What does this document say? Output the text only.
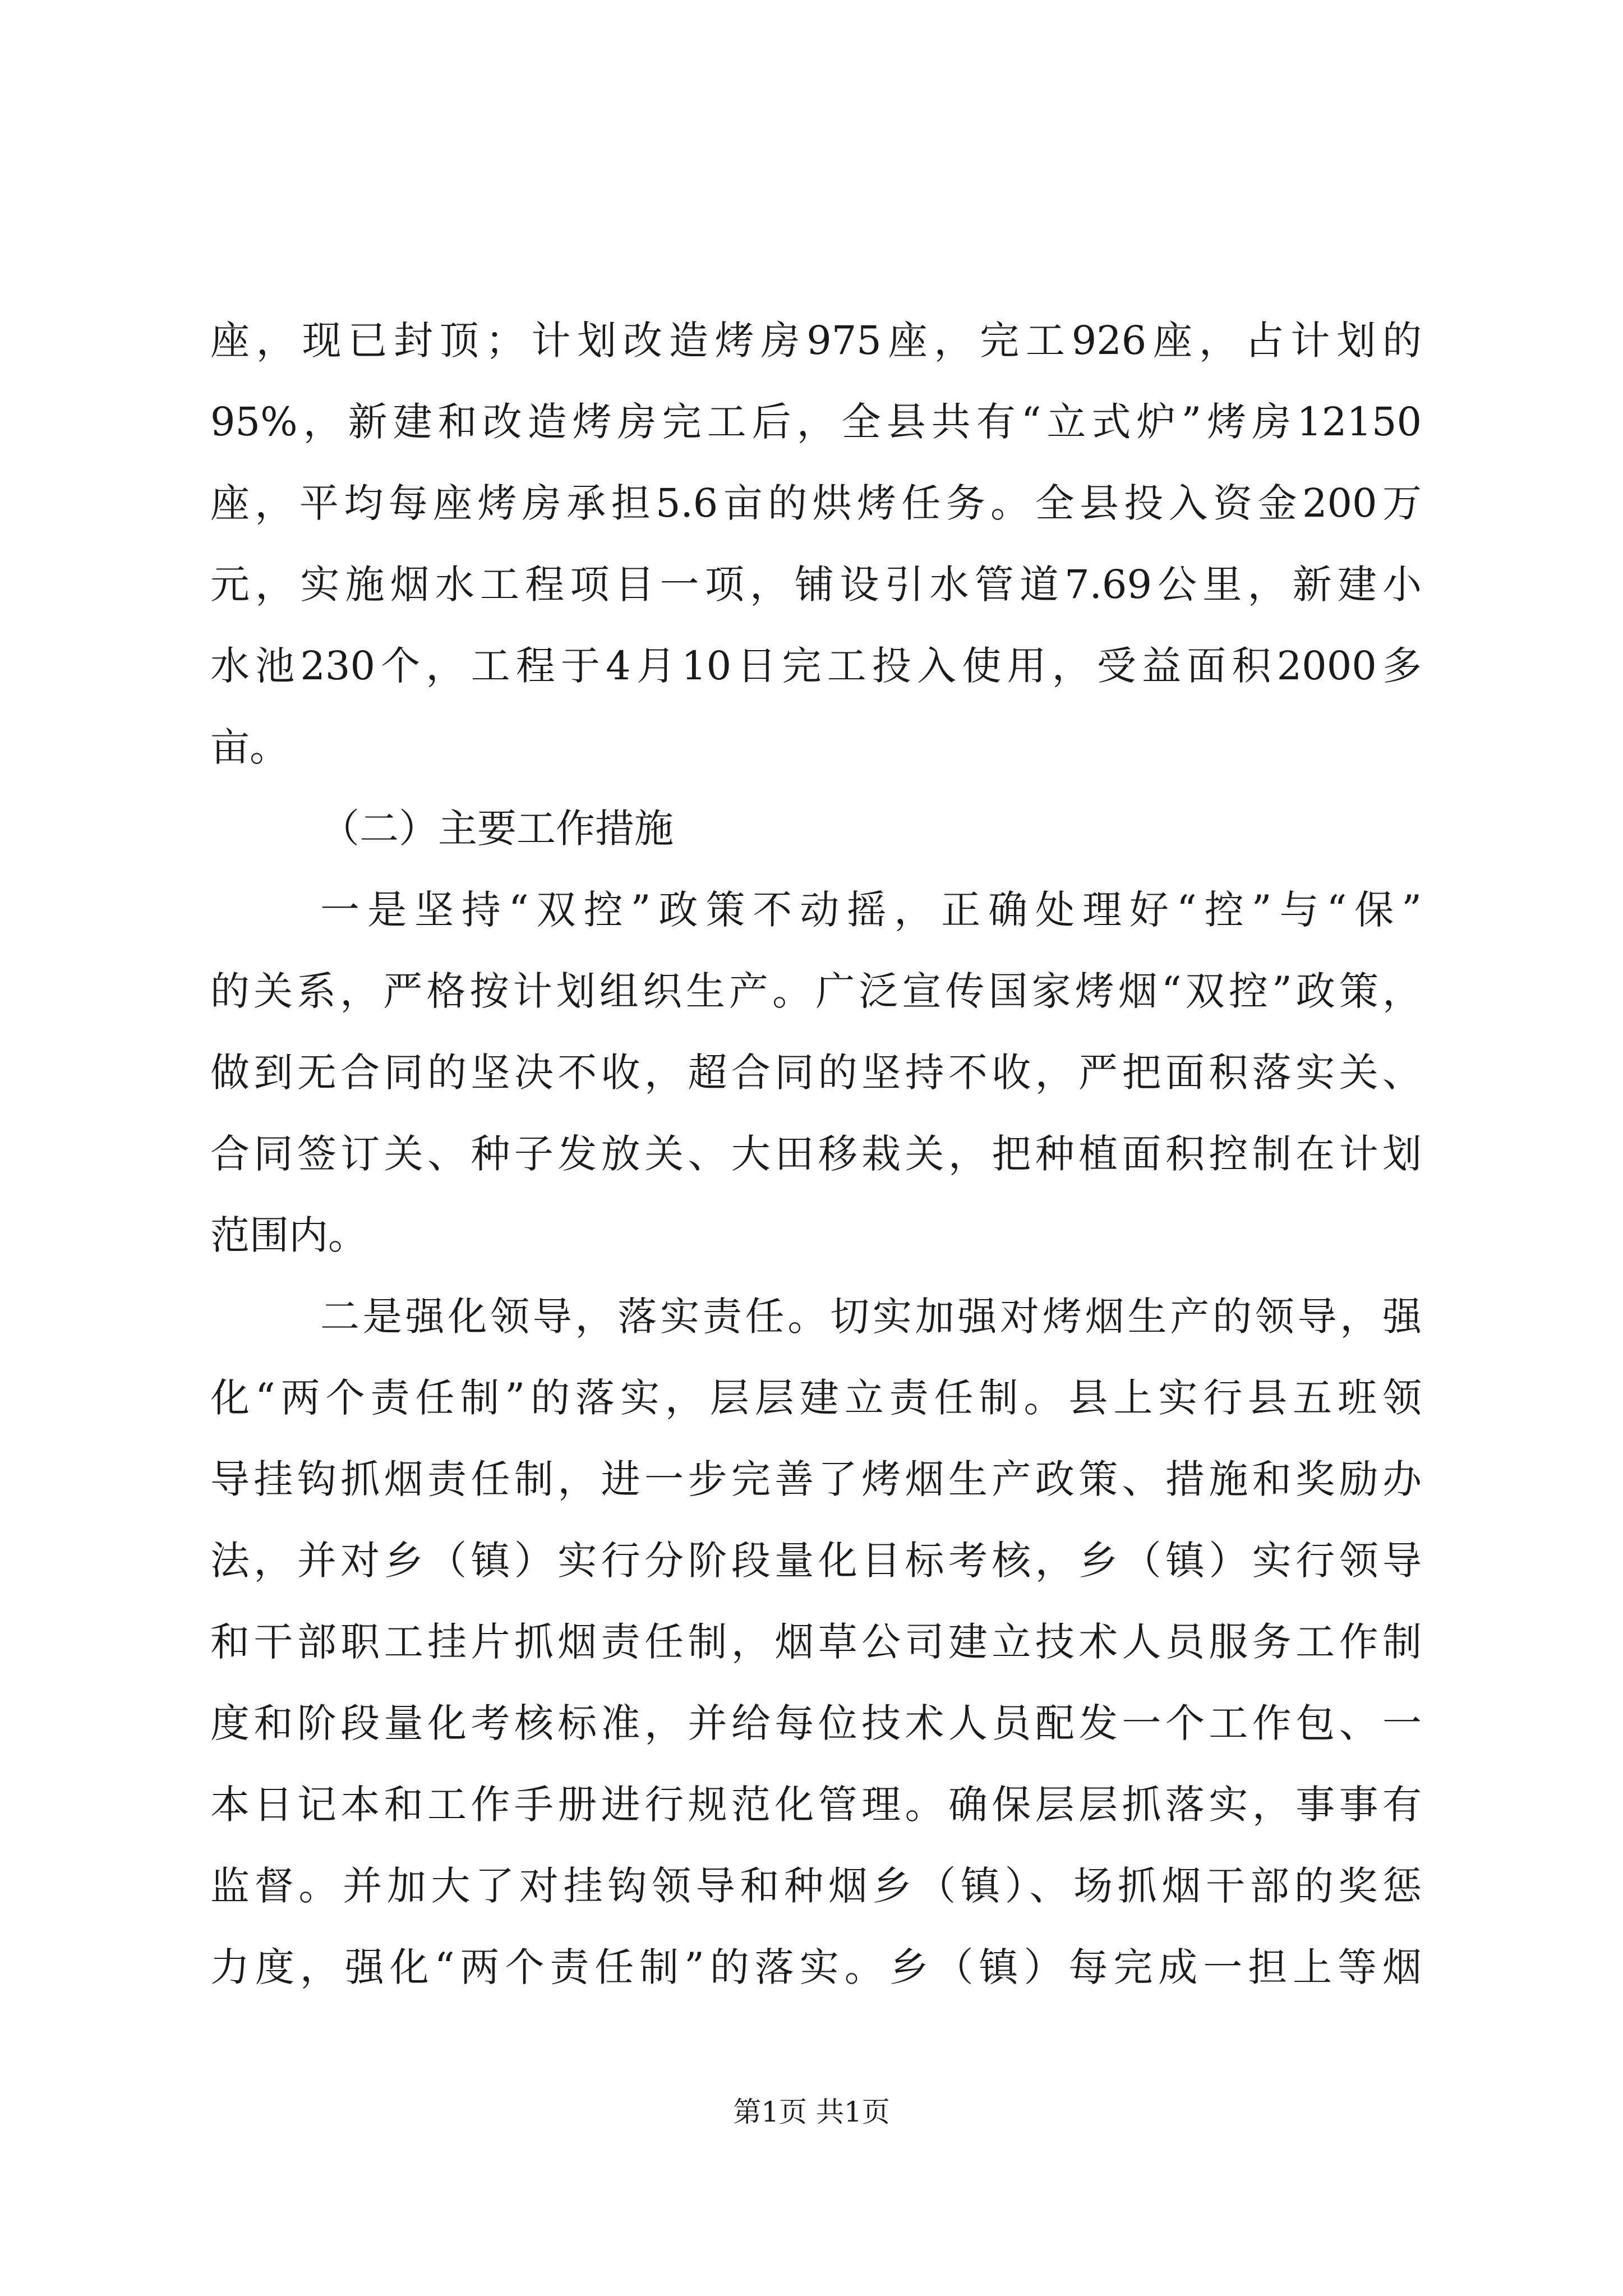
座，现已封顶；计划改造烤房975座，完工926座，占计划的
95%，新建和改造烤房完工后，全县共有“立式炉”烤房12150
座，平均每座烤房承担5.6亩的烘烤任务。全县投入资金200万
元，实施烟水工程项目一项，铺设引水管道7.69公里，新建小
水池230个，工程于4月10日完工投入使用，受益面积2000多
亩。
（二）主要工作措施
一是坚持“双控”政策不动摇，正确处理好“控”与“保”
的关系，严格按计划组织生产。广泛宣传国家烤烟“双控”政策，
做到无合同的坚决不收，超合同的坚持不收，严把面积落实关、
合同签订关、种子发放关、大田移栽关，把种植面积控制在计划
范围内。
二是强化领导，落实责任。切实加强对烤烟生产的领导，强
化“两个责任制”的落实，层层建立责任制。县上实行县五班领
导挂钩抓烟责任制，进一步完善了烤烟生产政策、措施和奖励办
法，并对乡（镇）实行分阶段量化目标考核，乡（镇）实行领导
和干部职工挂片抓烟责任制，烟草公司建立技术人员服务工作制
度和阶段量化考核标准，并给每位技术人员配发一个工作包、一
本日记本和工作手册进行规范化管理。确保层层抓落实，事事有
监督。并加大了对挂钩领导和种烟乡（镇）、场抓烟干部的奖惩
力度，强化“两个责任制”的落实。乡（镇）每完成一担上等烟
第1页 共1页
